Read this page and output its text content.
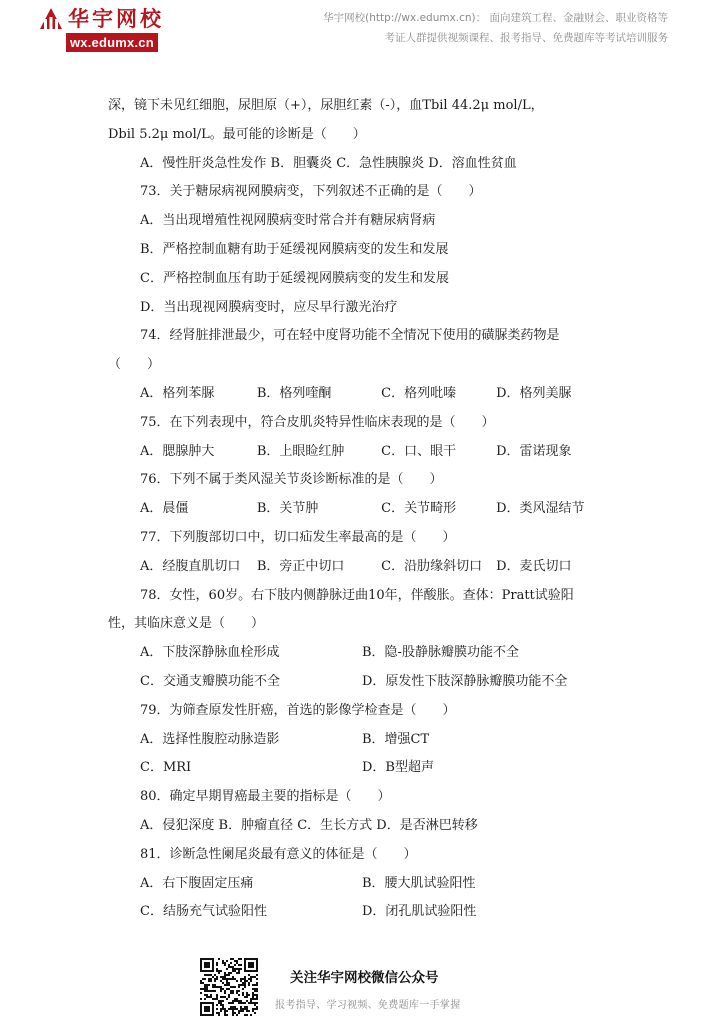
华宇网校
wx.edumx.cn
华宇网校(http://wx.edumx.cn)： 面向建筑工程、金融财会、职业资格等
考证人群提供视频课程、报考指导、免费题库等考试培训服务
深，镜下未见红细胞，尿胆原（+），尿胆红素（-），血Tbil 44.2μ mol/L，
Dbil 5.2μ mol/L。最可能的诊断是（　　）
A．慢性肝炎急性发作 B．胆囊炎 C．急性胰腺炎 D．溶血性贫血
73．关于糖尿病视网膜病变，下列叙述不正确的是（　　）
A．当出现增殖性视网膜病变时常合并有糖尿病肾病
B．严格控制血糖有助于延缓视网膜病变的发生和发展
C．严格控制血压有助于延缓视网膜病变的发生和发展
D．当出现视网膜病变时，应尽早行激光治疗
74．经肾脏排泄最少，可在轻中度肾功能不全情况下使用的磺脲类药物是
（　　）
A．格列苯脲	B．格列喹酮	C．格列吡嗪	D．格列美脲
75．在下列表现中，符合皮肌炎特异性临床表现的是（　　）
A．腮腺肿大	B．上眼睑红肿	C．口、眼干	D．雷诺现象
76．下列不属于类风湿关节炎诊断标准的是（　　）
A．晨僵	B．关节肿	C．关节畸形	D．类风湿结节
77．下列腹部切口中，切口疝发生率最高的是（　　）
A．经腹直肌切口	B．旁正中切口	C．沿肋缘斜切口	D．麦氏切口
78．女性，60岁。右下肢内侧静脉迂曲10年，伴酸胀。查体：Pratt试验阳
性，其临床意义是（　　）
A．下肢深静脉血栓形成	B．隐-股静脉瓣膜功能不全
C．交通支瓣膜功能不全	D．原发性下肢深静脉瓣膜功能不全
79．为筛查原发性肝癌，首选的影像学检查是（　　）
A．选择性腹腔动脉造影	B．增强CT
C．MRI	D．B型超声
80．确定早期胃癌最主要的指标是（　　）
A．侵犯深度 B．肿瘤直径 C．生长方式 D．是否淋巴转移
81．诊断急性阑尾炎最有意义的体征是（　　）
A．右下腹固定压痛	B．腰大肌试验阳性
C．结肠充气试验阳性	D．闭孔肌试验阳性
关注华宇网校微信公众号
报考指导、学习视频、免费题库一手掌握
